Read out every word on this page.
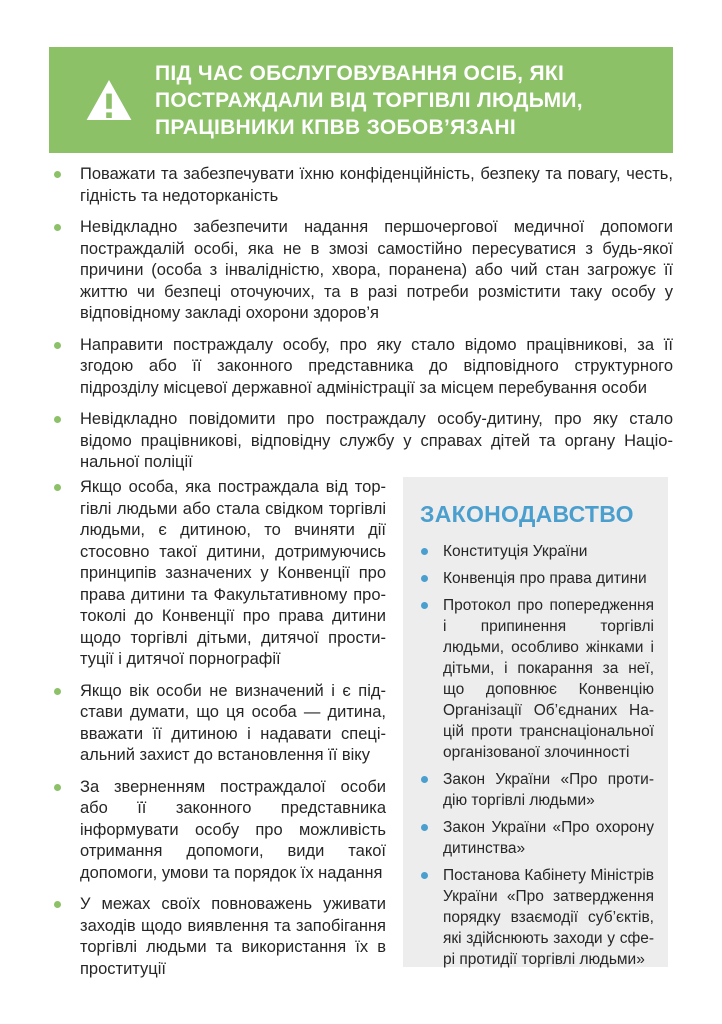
ПІД ЧАС ОБСЛУГОВУВАННЯ ОСІБ, ЯКІ
ПОСТРАЖДАЛИ ВІД ТОРГІВЛІ ЛЮДЬМИ,
ПРАЦІВНИКИ КПВВ ЗОБОВ’ЯЗАНІ
Поважати та забезпечувати їхню конфіденційність, безпеку та повагу, честь, гідність та недоторканість
Невідкладно забезпечити надання першочергової медичної допомоги постраждалій особі, яка не в змозі самостійно пересуватися з будь-якої причини (особа з інвалідністю, хвора, поранена) або чий стан загрожує її життю чи безпеці оточуючих, та в разі потреби розмістити таку особу у відповідному закладі охорони здоров’я
Направити постраждалу особу, про яку стало відомо працівникові, за її згодою або її законного представника до відповідного структурного підрозділу місцевої державної адміністрації за місцем перебування особи
Невідкладно повідомити про постраждалу особу-дитину, про яку стало відомо працівникові, відповідну службу у справах дітей та органу Національної поліції
Якщо особа, яка постраждала від торгівлі людьми або стала свідком торгівлі людьми, є дитиною, то вчиняти дії стосовно такої дитини, дотримуючись принципів зазначених у Конвенції про права дитини та Факультативному протоколі до Конвенції про права дитини щодо торгівлі дітьми, дитячої проституції і дитячої порнографії
Якщо вік особи не визначений і є підстави думати, що ця особа — дитина, вважати її дитиною і надавати спеціальний захист до встановлення її віку
За зверненням постраждалої особи або її законного представника інформувати особу про можливість отримання допомоги, види такої допомоги, умови та порядок їх надання
У межах своїх повноважень уживати заходів щодо виявлення та запобігання торгівлі людьми та використання їх в проституції
ЗАКОНОДАВСТВО
Конституція України
Конвенція про права дитини
Протокол про попередження і припинення торгівлі людьми, особливо жінками і дітьми, і покарання за неї, що доповнює Конвенцію Організації Об’єднаних Націй проти транснаціональної організованої злочинності
Закон України «Про протидію торгівлі людьми»
Закон України «Про охорону дитинства»
Постанова Кабінету Міністрів України «Про затвердження порядку взаємодії суб’єктів, які здійснюють заходи у сфері протидії торгівлі людьми»
